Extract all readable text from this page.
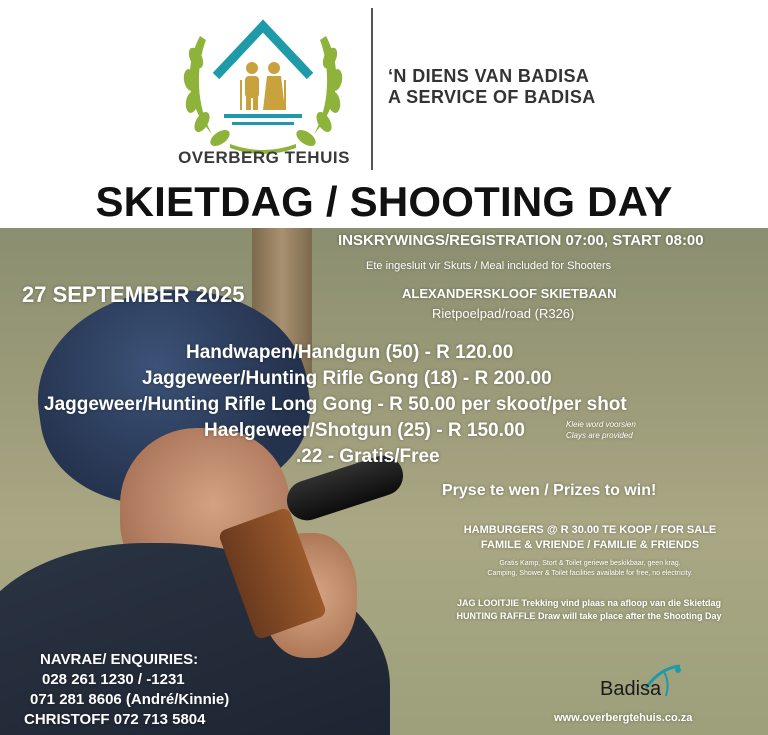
OVERBERG TEHUIS
‘N DIENS VAN BADISA
A SERVICE OF BADISA
SKIETDAG / SHOOTING DAY
INSKRYWINGS/REGISTRATION 07:00, START 08:00
Ete ingesluit vir Skuts / Meal included for Shooters
27 SEPTEMBER 2025	ALEXANDERSKLOOF SKIETBAAN
Rietpoelpad/road (R326)
Handwapen/Handgun (50) - R 120.00
Jaggeweer/Hunting Rifle Gong (18) - R 200.00
Jaggeweer/Hunting Rifle Long Gong - R 50.00 per skoot/per shot
Haelgeweer/Shotgun (25) - R 150.00	Kleie word voorsien
Clays are provided
.22 - Gratis/Free
Pryse te wen / Prizes to win!
HAMBURGERS @ R 30.00 TE KOOP / FOR SALE
FAMILE & VRIENDE / FAMILIE & FRIENDS
Gratis Kamp, Stort & Toilet geriewe beskikbaar, geen krag.
Camping, Shower & Toilet facilities available for free, no electricity.
JAG LOOITJIE Trekking vind plaas na afloop van die Skietdag
HUNTING RAFFLE Draw will take place after the Shooting Day
NAVRAE/ ENQUIRIES:
028 261 1230 / -1231
071 281 8606 (André/Kinnie)
CHRISTOFF 072 713 5804
Badisa
www.overbergtehuis.co.za
